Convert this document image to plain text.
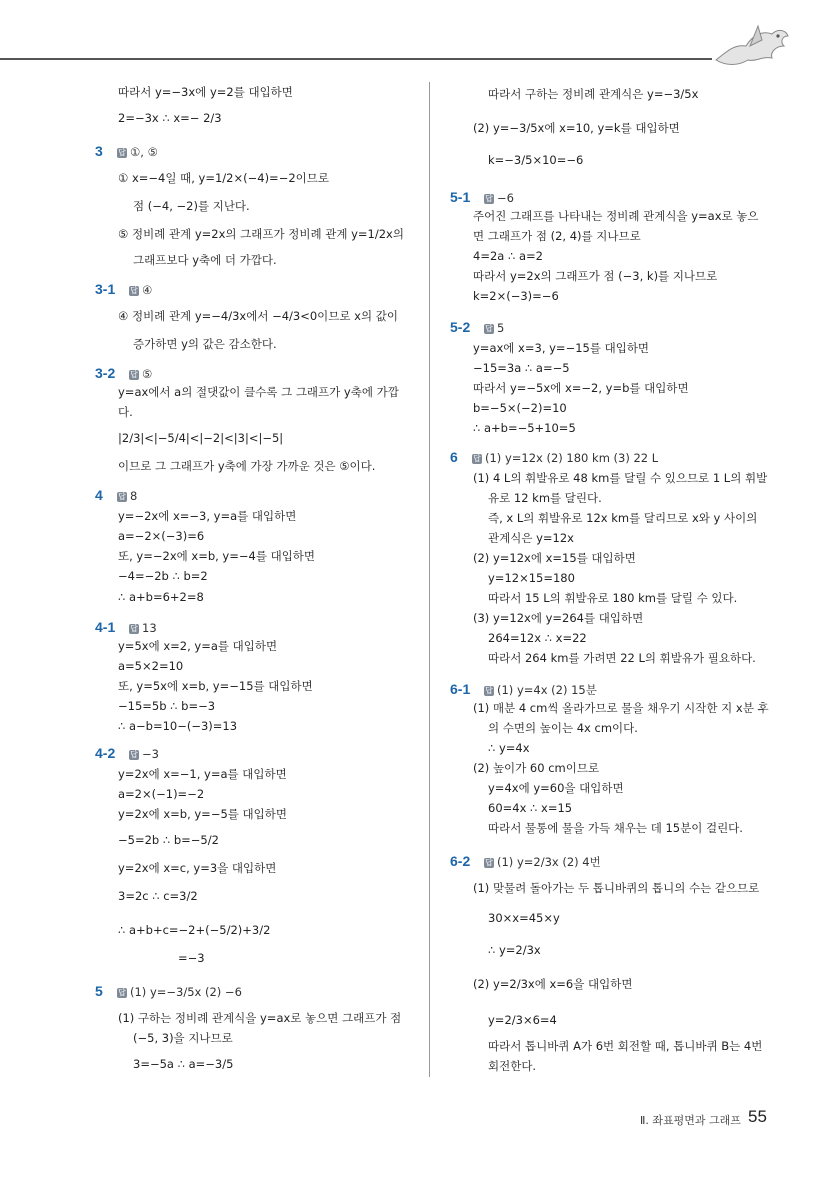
Ⅱ. 좌표평면과 그래프 55
따라서 y=−3x에 y=2를 대입하면
2=−3x ∴ x=− 2/3
3 답 ①, ⑤
① x=−4일 때, y=1/2×(−4)=−2이므로
점 (−4, −2)를 지난다.
⑤ 정비례 관계 y=2x의 그래프가 정비례 관계 y=1/2x의
그래프보다 y축에 더 가깝다.
3-1 답 ④
④ 정비례 관계 y=−4/3x에서 −4/3<0이므로 x의 값이
증가하면 y의 값은 감소한다.
3-2 답 ⑤
y=ax에서 a의 절댓값이 클수록 그 그래프가 y축에 가깝
다.
|2/3|<|−5/4|<|−2|<|3|<|−5|
이므로 그 그래프가 y축에 가장 가까운 것은 ⑤이다.
4 답 8
y=−2x에 x=−3, y=a를 대입하면
a=−2×(−3)=6
또, y=−2x에 x=b, y=−4를 대입하면
−4=−2b ∴ b=2
∴ a+b=6+2=8
4-1 답 13
y=5x에 x=2, y=a를 대입하면
a=5×2=10
또, y=5x에 x=b, y=−15를 대입하면
−15=5b ∴ b=−3
∴ a−b=10−(−3)=13
4-2 답 −3
y=2x에 x=−1, y=a를 대입하면
a=2×(−1)=−2
y=2x에 x=b, y=−5를 대입하면
−5=2b ∴ b=−5/2
y=2x에 x=c, y=3을 대입하면
3=2c ∴ c=3/2
∴ a+b+c=−2+(−5/2)+3/2
=−3
5 답 (1) y=−3/5x (2) −6
(1) 구하는 정비례 관계식을 y=ax로 놓으면 그래프가 점
(−5, 3)을 지나므로
3=−5a ∴ a=−3/5
따라서 구하는 정비례 관계식은 y=−3/5x
(2) y=−3/5x에 x=10, y=k를 대입하면
k=−3/5×10=−6
5-1 답 −6
주어진 그래프를 나타내는 정비례 관계식을 y=ax로 놓으
면 그래프가 점 (2, 4)를 지나므로
4=2a ∴ a=2
따라서 y=2x의 그래프가 점 (−3, k)를 지나므로
k=2×(−3)=−6
5-2 답 5
y=ax에 x=3, y=−15를 대입하면
−15=3a ∴ a=−5
따라서 y=−5x에 x=−2, y=b를 대입하면
b=−5×(−2)=10
∴ a+b=−5+10=5
6 답 (1) y=12x (2) 180 km (3) 22 L
(1) 4 L의 휘발유로 48 km를 달릴 수 있으므로 1 L의 휘발
유로 12 km를 달린다.
즉, x L의 휘발유로 12x km를 달리므로 x와 y 사이의
관계식은 y=12x
(2) y=12x에 x=15를 대입하면
y=12×15=180
따라서 15 L의 휘발유로 180 km를 달릴 수 있다.
(3) y=12x에 y=264를 대입하면
264=12x ∴ x=22
따라서 264 km를 가려면 22 L의 휘발유가 필요하다.
6-1 답 (1) y=4x (2) 15분
(1) 매분 4 cm씩 올라가므로 물을 채우기 시작한 지 x분 후
의 수면의 높이는 4x cm이다.
∴ y=4x
(2) 높이가 60 cm이므로
y=4x에 y=60을 대입하면
60=4x ∴ x=15
따라서 물통에 물을 가득 채우는 데 15분이 걸린다.
6-2 답 (1) y=2/3x (2) 4번
(1) 맞물려 돌아가는 두 톱니바퀴의 톱니의 수는 같으므로
30×x=45×y
∴ y=2/3x
(2) y=2/3x에 x=6을 대입하면
y=2/3×6=4
따라서 톱니바퀴 A가 6번 회전할 때, 톱니바퀴 B는 4번
회전한다.
